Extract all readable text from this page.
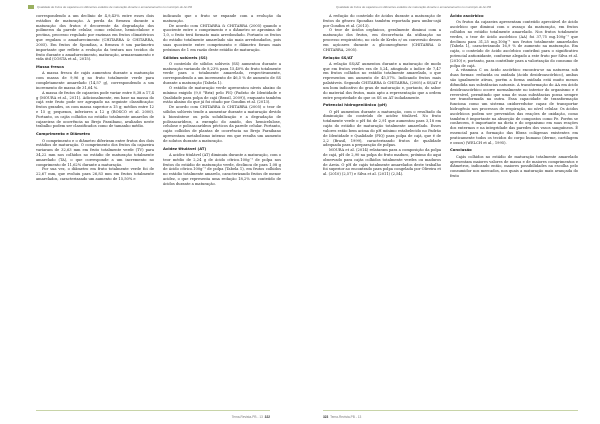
Qualidade de frutos de cajazeira em diferentes estádios de maturação durante o armazenamento no município de Ari-PR

correspondendo a um declínio de 4,9,43% entre esses dois estádios de maturação. A perda da firmeza durante a maturação dos frutos é decorrente da degradação dos polímeros da parede celular, como celulose, hemicelulose e pectina, processo regulado por enzimas em frutos climatéricos que regulam o amadurecimento (CHITARRA & CHITARRA, 2005). Em frutos de Spondias, a firmeza é um parâmetro importante que reflete a evolução da textura nos tecidos do fruto durante o amadurecimento, maturação, armazenamento e vida útil (COSTA et al., 2015).

Massa fresca

A massa fresca de cajás aumentou durante a maturação com massa de 9,96 g no fruto totalmente verde para completamente amarelado (14,57 g), correspondendo a um incremento de massa de 31,64 %.

A massa de frutos de cajazeira pode variar entre 8,38 a 17,4 g (MOURA et al., 2011). Adicionalmente, em base na massa do cajá este fruto pode ser agrupado na seguinte classificação: frutos grandes, os com massa superior a 15 g; médios entre 12 e 15 g; pequenos, inferiores a 12 g (BOSCO et al. 2000). Portanto, os cajás colhidos no estádio totalmente amarelos de cajazeiras de ocorrência no Brejo Paraibano, avaliados neste trabalho podem ser classificados como de tamanho médio.

Comprimento e Diâmetro

O comprimento e o diâmetro diferiram entre frutos dos dois estádios de maturação. O comprimento dos frutos da cajazeira variaram de 32,63 mm em fruto totalmente verde (TV) para 34,22 mm nos colhidos no estádio de maturação totalmente amarelado (TA), o que corresponde a um incremento no comprimento de 11,62% durante a maturação.

Por sua vez, o diâmetro em fruto totalmente verde foi de 22,67 mm, que evoluiu para 26,83 mm em frutos totalmente amarelados, caracterizando um aumento de 15,50% e

indicando que o fruto se expande com a evolução da maturação.

De acordo com CHITARRA & CHITARRA (2005) quando o quociente entre o comprimento e o diâmetro se aproxima de 1,0, o fruto terá formato mais arredondado. Portanto os frutos do estádio totalmente amarelado são mais arredondados, pois suas quociente entre comprimento e diâmetro foram mais próximos de 1 em razão deste estádio de maturação.

Sólidos solúveis (SS)

O conteúdo de sólidos solúveis (SS) aumentou durante a maturação variando de 8,23% para 15,40% do fruto totalmente verde para o totalmente amarelado, respectivamente, correspondendo a um incremento de 46,5 % de aumento de SS durante a maturação (Tabela 1).

O estádio de maturação verde apresentou níveis abaixo do mínimo exigido (9,0 °Brix) pelo PIQ (Padrão de Identidade e Qualidade para polpa de cajá (Brasil, 2009)), enquanto também estão abaixo do que já foi citado por Gondim et al. (2013).

De acordo com CHITARRA & CHITARRA (2005) o teor de sólidos solúveis tende a aumentar durante a maturação devido à biossíntese ou pela solubilização e a degradação de polissacarídeos, a exemplo do amido, dos hemicelulose, celulose e polissacarídeos pécticos da parede celular. Portanto, cajás colhidos de plantas de ocorrência no Brejo Paraibano apresentam metabolismo intenso em que resulta um aumento de solutos durante a maturação.

Acidez titulável (AT)

A acidez titulável (AT) diminuiu durante a maturação, com o teor médio de 2,24 g de ácido cítrico.100g⁻¹ de polpa nos frutos do estádio de maturação verde, declinou de para 1,08 g de ácido cítrico.100g⁻¹ de polpa (Tabela 1), em frutos colhidos no estádio totalmente amarelo, caracterizando frutos de menor acidez, o que representa uma redução 18,2% no conteúdo de ácidos durante a maturação.

Tema-Revista-PB - 13 322
Qualidade de frutos de cajazeira em diferentes estádios de maturação durante o armazenamento no município de Ari-PR

A redução do conteúdo de ácidos durante a maturação de frutos do gênero Spondias também reportada para umbu-cajá por Gondim et al. (2013).

O teor de ácidos orgânicos, geralmente diminui com a maturação dos frutos, em decorrência da utilização no processo respiratório, no ciclo de Krebs e/ ou conversão desses em açúcares durante a gliconeogênese (CHITARRA & CHITARRA, 2005).

Relação SS/AT

A relação SS/AT aumentou durante a maturação de modo que em frutos verdes era de 5,24, atingindo o índice de 7,47 em frutos colhidos no estádio totalmente amarelado, o que representou um aumento de 45,57%. Indicando frutos mais palatáveis. Segundo CHITARRA & CHITARRA, (2005) a SS/AT é um bom indicativo do grau de maturação e, portanto, do sabor do material dos frutos, mais apto a representação que a ordem entre propriedade do que os SS ou AT isoladamente.

Potencial hidrogeniônico (pH)

O pH aumentou durante a maturação, com o resultado da diminuição do conteúdo de acidez titulável. No fruto totalmente verde o pH foi de 2,91 que aumentou para 3,18 em cajás do estádio de maturação totalmente amarelado. Esses valores estão bem acima do pH mínimo estabelecido no Padrão de Identidade e Qualidade (PIQ) para polpa de cajá, que é de 2,2 (Brasil, 1999), caracterizando frutos de qualidade adequada para a preparação de polpas.

MOURA et al. (2014) relataram para a composição da polpa de cajá, pH de 2,90 na polpa do fruto maduro, próximo do aqui observado para cajás colhidos totalmente verdes ou maduros de Areia. O pH de cajás totalmente amarelados deste trabalho foi superior ao encontrado para polpa congelada por Oliveira et al. (2010) (2,57) e Silva et al. (2011) (2,54).

Ácido ascórbico

Os frutos da cajazeira apresentam conteúdo apreciável de ácido ascórbico que diminui com o avanço da maturação, em frutos colhidos no estádio totalmente amarelado. Nos frutos totalmente verdes, o teor de ácido ascórbico (AA) foi 37,75 mg.100g⁻¹ que declinou para 31,25 mg.100g⁻¹ nos frutos totalmente amarelados (Tabela 1), caracterizando 16,9 % de aumento na maturação. Em cajás, o conteúdo de ácido ascórbico contribui para o significativo potencial antioxidante, conforme alegado a este fruto por Silva et al. (2010) e, portanto, para contribuir para a valorização do consumo de polpa de cajá.

A vitamina C ou ácido ascórbico encontra-se na natureza sob duas formas: reduzida ou oxidada (ácido desidroascórbico), ambas são igualmente ativas, porém a forma oxidada está muito menos difundida nas substâncias naturais. A transformação do AA em ácido desidroascórbico ocorre normalmente no interior do organismo e é reversível, permitindo que uma de suas substâncias possa sempre ser transformada na outra. Essa capacidade de transformação funciona como um sistema oxidorredutor capaz de transportar hidrogênio nos processos de respiração, no nível celular. Os ácidos ascórbicos podem ser prevenidos das reações de oxidação, como também é importante na absorção de compostos como Fe. Porém se conhecem, é importante na dieta e do organismo em suas reações dos entermos e na integridade das paredes dos vasos sanguíneos. É essencial para a formação das fibras colágenas existentes em praticamente todos os tecidos do corpo humano (derme, cartilagem e ossos) (WELCH et al., 1995).

Conclusão

Cajás colhidos no estádio de maturação totalmente amarelado apresentam maiores valores de massa e de maiores comprimentos e diâmetros, indicando então, maiores possibilidades na escolha pelo consumidor nos mercados, nos quais a maturação mais avançada do fruto

323 Tema-Revista-PB - 13
